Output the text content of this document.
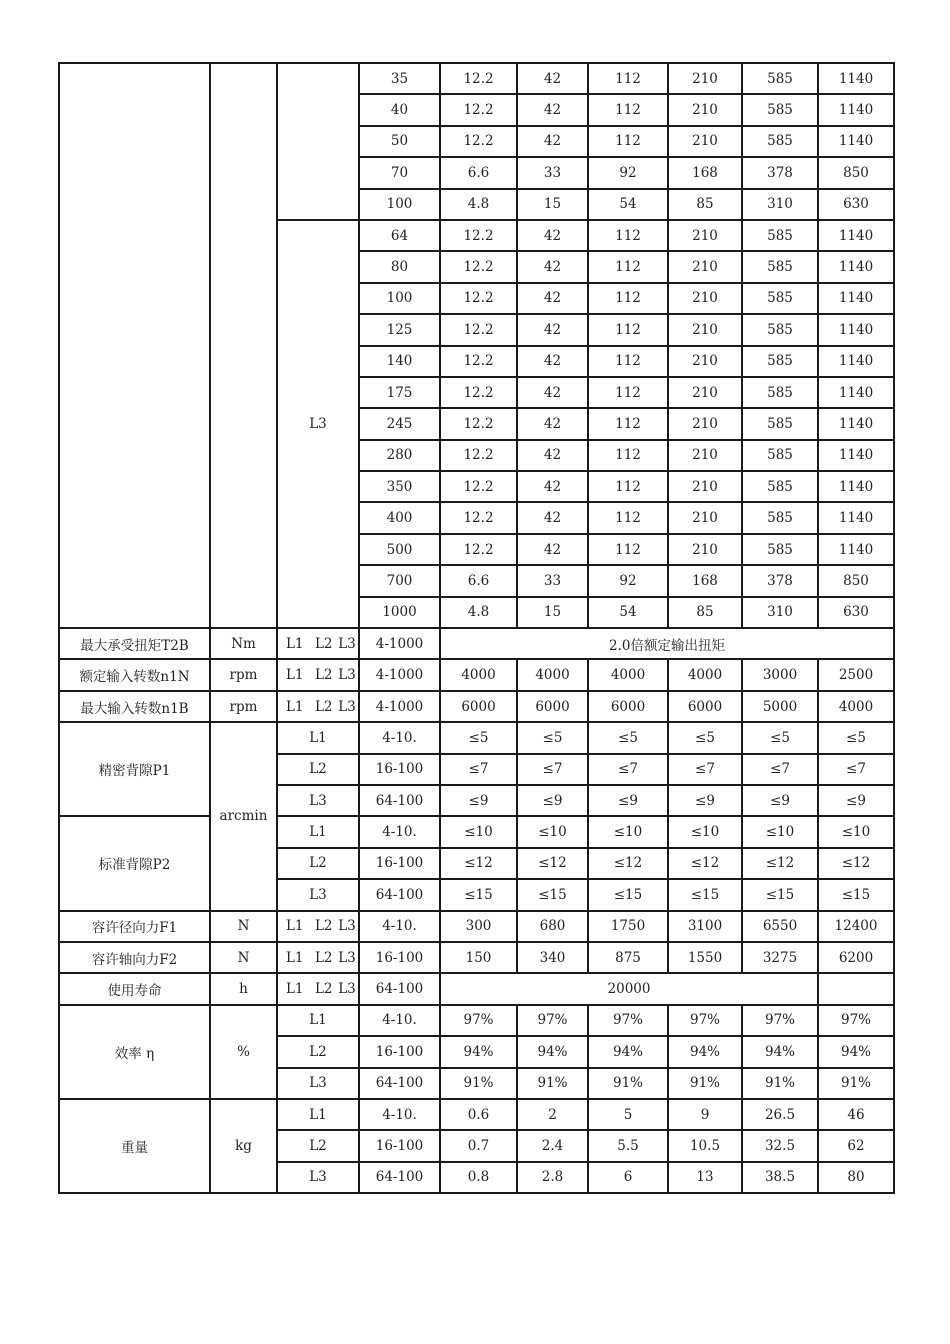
			35	12.2	42	112	210	585	1140
			40	12.2	42	112	210	585	1140
			50	12.2	42	112	210	585	1140
			70	6.6	33	92	168	378	850
			100	4.8	15	54	85	310	630
		L3	64	12.2	42	112	210	585	1140
			80	12.2	42	112	210	585	1140
			100	12.2	42	112	210	585	1140
			125	12.2	42	112	210	585	1140
			140	12.2	42	112	210	585	1140
			175	12.2	42	112	210	585	1140
			245	12.2	42	112	210	585	1140
			280	12.2	42	112	210	585	1140
			350	12.2	42	112	210	585	1140
			400	12.2	42	112	210	585	1140
			500	12.2	42	112	210	585	1140
			700	6.6	33	92	168	378	850
			1000	4.8	15	54	85	310	630
最大承受扭矩T2B	Nm	L1 L2 L3	4-1000	2.0倍额定输出扭矩					
额定输入转数n1N	rpm	L1 L2 L3	4-1000	4000	4000	4000	4000	3000	2500
最大输入转数n1B	rpm	L1 L2 L3	4-1000	6000	6000	6000	6000	5000	4000
精密背隙P1	arcmin	L1	4-10.	≤5	≤5	≤5	≤5	≤5	≤5
		L2	16-100	≤7	≤7	≤7	≤7	≤7	≤7
		L3	64-100	≤9	≤9	≤9	≤9	≤9	≤9
标准背隙P2		L1	4-10.	≤10	≤10	≤10	≤10	≤10	≤10
		L2	16-100	≤12	≤12	≤12	≤12	≤12	≤12
		L3	64-100	≤15	≤15	≤15	≤15	≤15	≤15
容许径向力F1	N	L1 L2 L3	4-10.	300	680	1750	3100	6550	12400
容许轴向力F2	N	L1 L2 L3	16-100	150	340	875	1550	3275	6200
使用寿命	h	L1 L2 L3	64-100	20000					
效率 η	%	L1	4-10.	97%	97%	97%	97%	97%	97%
		L2	16-100	94%	94%	94%	94%	94%	94%
		L3	64-100	91%	91%	91%	91%	91%	91%
重量	kg	L1	4-10.	0.6	2	5	9	26.5	46
		L2	16-100	0.7	2.4	5.5	10.5	32.5	62
		L3	64-100	0.8	2.8	6	13	38.5	80
